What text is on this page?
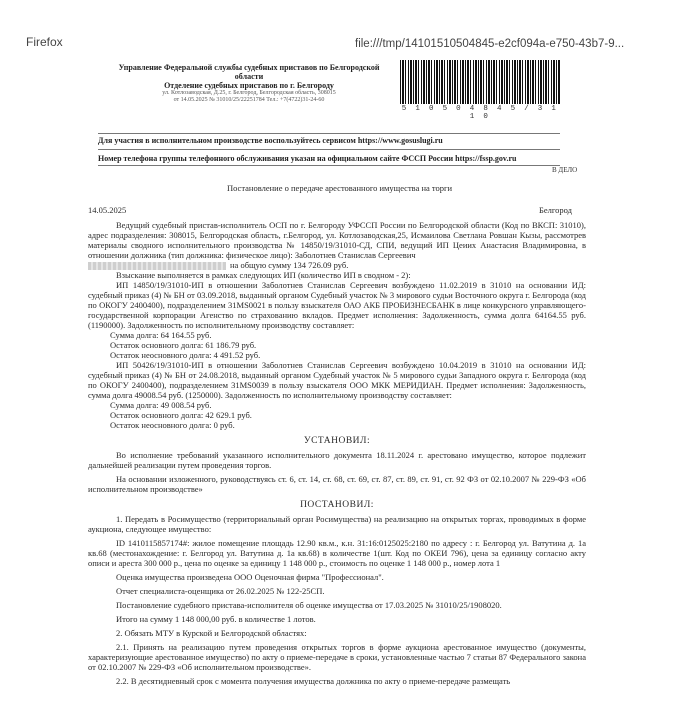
Firefox	file:///tmp/14101510504845-e2cf094a-e750-43b7-9...
Управление Федеральной службы судебных приставов по Белгородской
области
Отделение судебных приставов по г. Белгороду
ул. Котлозаводская, Д.25, г. Белгород, Белгородская область, 308015
от 14.05.2025 № 31010/25/22251784 Тел.: +7(4722)31-24-60
5 1 0 5 0 4 8 4 5 / 3 1 1 0
Для участия в исполнительном производстве воспользуйтесь сервисом https://www.gosuslugi.ru
Номер телефона группы телефонного обслуживания указан на официальном сайте ФССП России https://fssp.gov.ru
В ДЕЛО
Постановление о передаче арестованного имущества на торги
14.05.2025	Белгород

Ведущий судебный пристав-исполнитель ОСП по г. Белгороду УФССП России по Белгородской области (Код по ВКСП: 31010), адрес подразделения: 308015, Белгородская область, г.Белгород, ул. Котлозаводская,25, Исмаилова Светлана Ровшан Кызы, рассмотрев материалы сводного исполнительного производства № 14850/19/31010-СД, СПИ, ведущий ИП Цеиих Анастасия Владимировна, в отношении должника (тип должника: физическое лицо): Заболотнев Станислав Сергеевич

на общую сумму 134 726.09 руб.

Взыскание выполняется в рамках следующих ИП (количество ИП в сводном - 2):

ИП 14850/19/31010-ИП в отношении Заболотнев Станислав Сергеевич возбуждено 11.02.2019 в 31010 на основании ИД: судебный приказ (4) № БН от 03.09.2018, выданный органом Судебный участок № 3 мирового судьи Восточного округа г. Белгорода (код по ОКОГУ 2400400), подразделением 31МS0021 в пользу взыскателя ОАО АКБ ПРОБИЗНЕСБАНК в лице конкурсного управляющего-государственной корпорации Агенство по страхованию вкладов. Предмет исполнения: Задолженность, сумма долга 64164.55 руб. (1190000). Задолженность по исполнительному производству составляет:

Сумма долга: 64 164.55 руб.

Остаток основного долга: 61 186.79 руб.

Остаток неосновного долга: 4 491.52 руб.

ИП 50426/19/31010-ИП в отношении Заболотнев Станислав Сергеевич возбуждено 10.04.2019 в 31010 на основании ИД: судебный приказ (4) № БН от 24.08.2018, выданный органом Судебный участок № 5 мирового судьи Западного округа г. Белгорода (код по ОКОГУ 2400400), подразделением 31МS0039 в пользу взыскателя ООО МКК МЕРИДИАН. Предмет исполнения: Задолженность, сумма долга 49008.54 руб. (1250000). Задолженность по исполнительному производству составляет:

Сумма долга: 49 008.54 руб.

Остаток основного долга: 42 629.1 руб.

Остаток неосновного долга: 0 руб.

УСТАНОВИЛ:

Во исполнение требований указанного исполнительного документа 18.11.2024 г. арестовано имущество, которое подлежит дальнейшей реализации путем проведения торгов.

На основании изложенного, руководствуясь ст. 6, ст. 14, ст. 68, ст. 69, ст. 87, ст. 89, ст. 91, ст. 92 ФЗ от 02.10.2007 № 229-ФЗ «Об исполнительном производстве»

ПОСТАНОВИЛ:

1. Передать в Росимущество (территориальный орган Росимущества) на реализацию на открытых торгах, проводимых в форме аукциона, следующее имущество:

ID 1410115857174#: жилое помещение площадь 12.90 кв.м., к.н. 31:16:0125025:2180 по адресу : г. Белгород ул. Ватутина д. 1а кв.68 (местонахождение: г. Белгород ул. Ватутина д. 1а кв.68) в количестве 1(шт. Код по ОКЕИ 796), цена за единицу согласно акту описи и ареста 300 000 р., цена по оценке за единицу 1 148 000 р., стоимость по оценке 1 148 000 р., номер лота 1

Оценка имущества произведена ООО Оценочная фирма "Профессионал".

Отчет специалиста-оценщика от 26.02.2025 № 122-25СП.

Постановление судебного пристава-исполнителя об оценке имущества от 17.03.2025 № 31010/25/1908020.

Итого на сумму 1 148 000,00 руб. в количестве 1 лотов.

2. Обязать МТУ в Курской и Белгородской областях:

2.1. Принять на реализацию путем проведения открытых торгов в форме аукциона арестованное имущество (документы, характеризующие арестованное имущество) по акту о приеме-передаче в сроки, установленные частью 7 статьи 87 Федерального закона от 02.10.2007 № 229-ФЗ «Об исполнительном производстве».

2.2. В десятидневный срок с момента получения имущества должника по акту о приеме-передаче размещать
